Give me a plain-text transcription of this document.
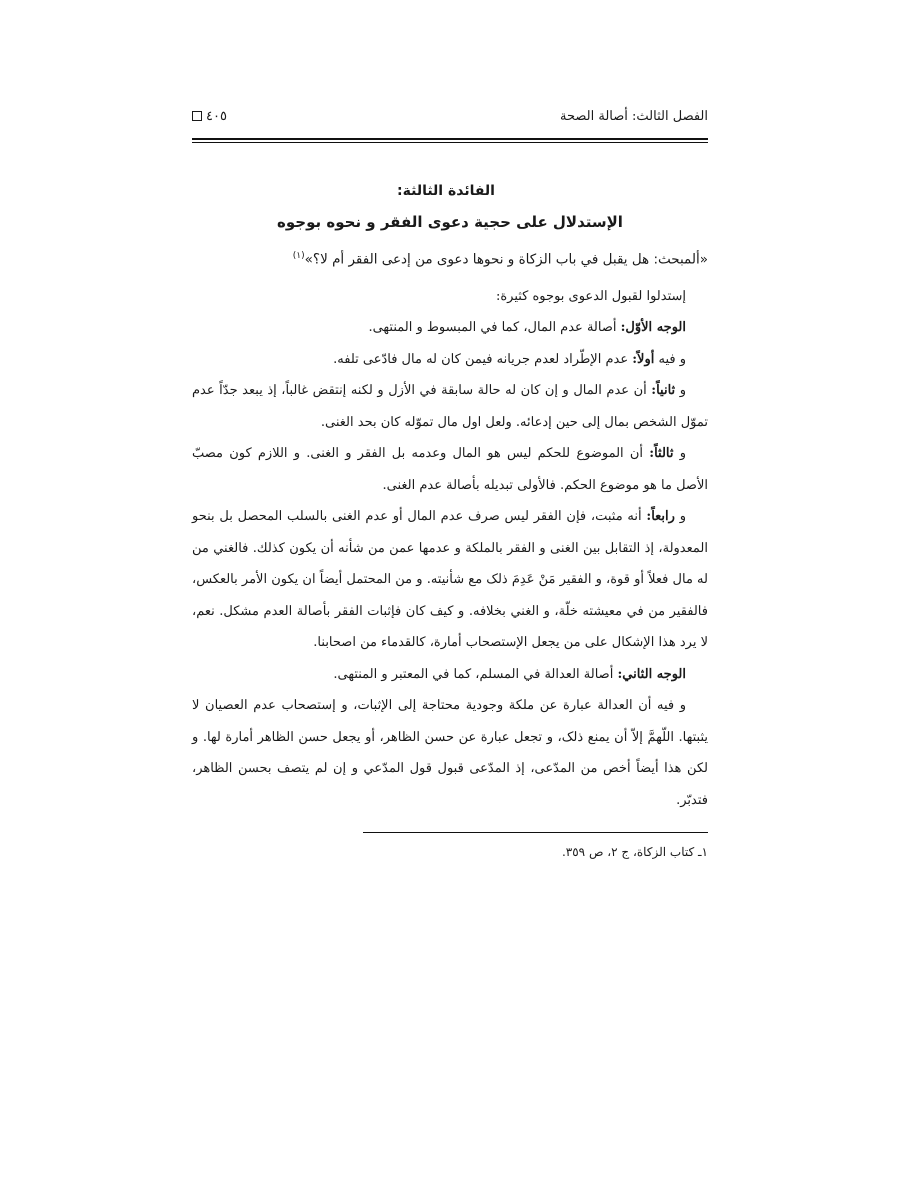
الفصل الثالث: أصالة الصحة
٤٠٥
الفائدة الثالثة:
الإستدلال على حجية دعوى الفقر و نحوه بوجوه
«ألمبحث: هل يقبل في باب الزكاة و نحوها دعوى من إدعى الفقر أم لا؟»$^{(١)}$

إستدلوا لقبول الدعوى بوجوه كثيرة:

الوجه الأوّل: أصالة عدم المال، كما في المبسوط و المنتهى.

و فيه أولاً: عدم الإطّراد لعدم جريانه فيمن كان له مال فادّعى تلفه.

و ثانياً: أن عدم المال و إن كان له حالة سابقة في الأزل و لكنه إنتقض غالباً، إذ يبعد جدّاً عدم تموّل الشخص بمال إلى حين إدعائه. ولعل اول مال تموّله كان بحد الغنى.

و ثالثاً: أن الموضوع للحكم ليس هو المال وعدمه بل الفقر و الغنى. و اللازم كون مصبّ الأصل ما هو موضوع الحكم. فالأولى تبديله بأصالة عدم الغنى.

و رابعاً: أنه مثبت، فإن الفقر ليس صرف عدم المال أو عدم الغنى بالسلب المحصل بل بنحو المعدولة، إذ التقابل بين الغنى و الفقر بالملكة و عدمها عمن من شأنه أن يكون كذلك. فالغني من له مال فعلاً أو قوة، و الفقير مَنْ عَدِمَ ذلک مع شأنيته. و من المحتمل أيضاً ان يكون الأمر بالعكس، فالفقير من في معيشته خلّة، و الغني بخلافه. و كيف كان فإثبات الفقر بأصالة العدم مشكل. نعم، لا يرد هذا الإشكال على من يجعل الإستصحاب أمارة، كالقدماء من اصحابنا.

الوجه الثاني: أصالة العدالة في المسلم، كما في المعتبر و المنتهى.

و فيه أن العدالة عبارة عن ملكة وجودية محتاجة إلى الإثبات، و إستصحاب عدم العصيان لا يثبتها. اللّهمَّ إلاّ أن يمنع ذلک، و تجعل عبارة عن حسن الظاهر، أو يجعل حسن الظاهر أمارة لها. و لكن هذا أيضاً أخص من المدّعى، إذ المدّعى قبول قول المدّعي و إن لم يتصف بحسن الظاهر، فتدبّر.

١ـ كتاب الزكاة، ج ٢، ص ٣٥٩.
